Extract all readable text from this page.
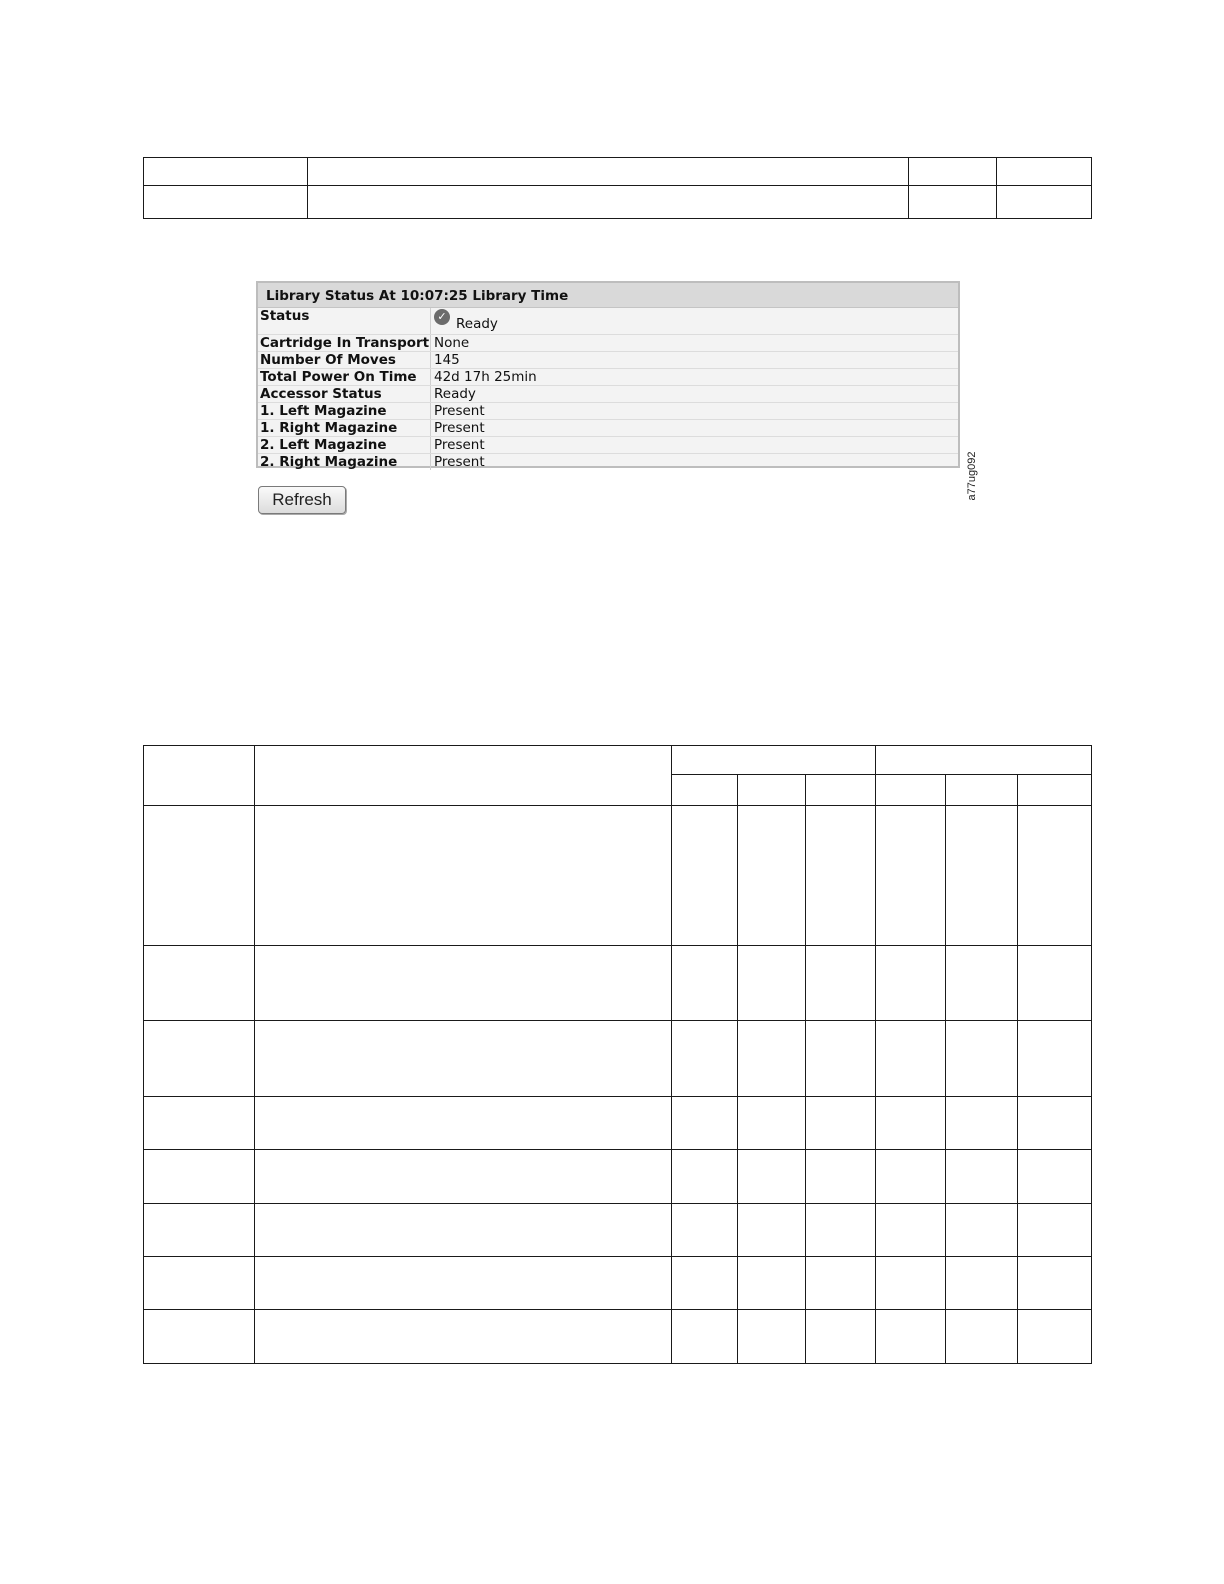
Library Status At 10:07:25 Library Time
Status	✓ Ready
Cartridge In Transport None
Number Of Moves	145
Total Power On Time	42d 17h 25min
Accessor Status	Ready
1. Left Magazine	Present
1. Right Magazine	Present
2. Left Magazine	Present
2. Right Magazine	Present
Refresh	a77ug092
